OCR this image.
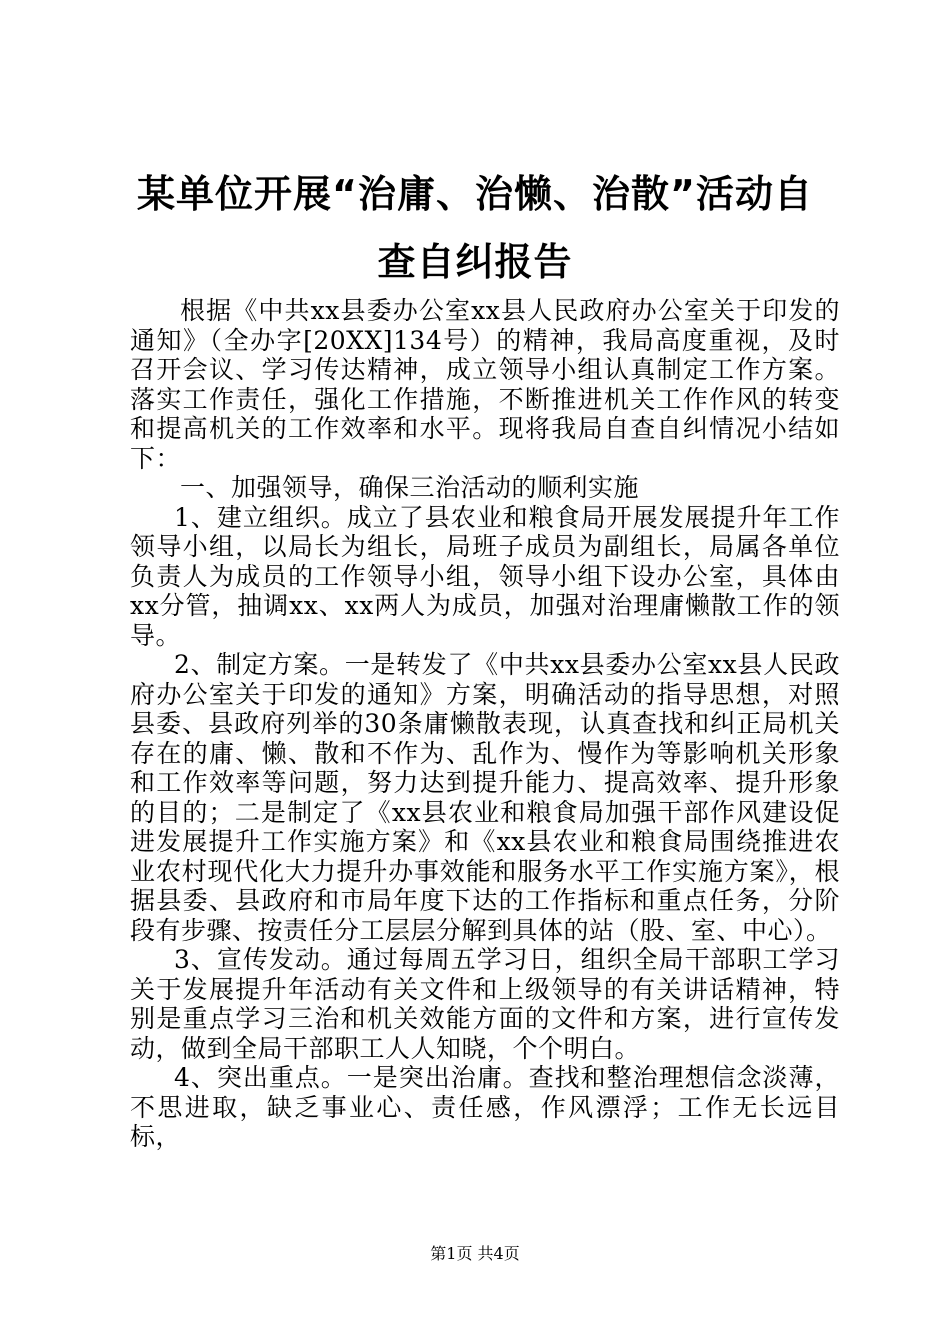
某单位开展“治庸、治懒、治散”活动自查自纠报告

根据《中共xx县委办公室xx县人民政府办公室关于印发的通知》（全办字[20XX]134号）的精神，我局高度重视，及时召开会议、学习传达精神，成立领导小组认真制定工作方案。落实工作责任，强化工作措施，不断推进机关工作作风的转变和提高机关的工作效率和水平。现将我局自查自纠情况小结如下：

一、加强领导，确保三治活动的顺利实施

1、建立组织。成立了县农业和粮食局开展发展提升年工作领导小组，以局长为组长，局班子成员为副组长，局属各单位负责人为成员的工作领导小组，领导小组下设办公室，具体由xx分管，抽调xx、xx两人为成员，加强对治理庸懒散工作的领导。

2、制定方案。一是转发了《中共xx县委办公室xx县人民政府办公室关于印发的通知》方案，明确活动的指导思想，对照县委、县政府列举的30条庸懒散表现，认真查找和纠正局机关存在的庸、懒、散和不作为、乱作为、慢作为等影响机关形象和工作效率等问题，努力达到提升能力、提高效率、提升形象的目的；二是制定了《xx县农业和粮食局加强干部作风建设促进发展提升工作实施方案》和《xx县农业和粮食局围绕推进农业农村现代化大力提升办事效能和服务水平工作实施方案》，根据县委、县政府和市局年度下达的工作指标和重点任务，分阶段有步骤、按责任分工层层分解到具体的站（股、室、中心）。

3、宣传发动。通过每周五学习日，组织全局干部职工学习关于发展提升年活动有关文件和上级领导的有关讲话精神，特别是重点学习三治和机关效能方面的文件和方案，进行宣传发动，做到全局干部职工人人知晓，个个明白。

4、突出重点。一是突出治庸。查找和整治理想信念淡薄，不思进取，缺乏事业心、责任感，作风漂浮；工作无长远目标，

第1页 共4页
